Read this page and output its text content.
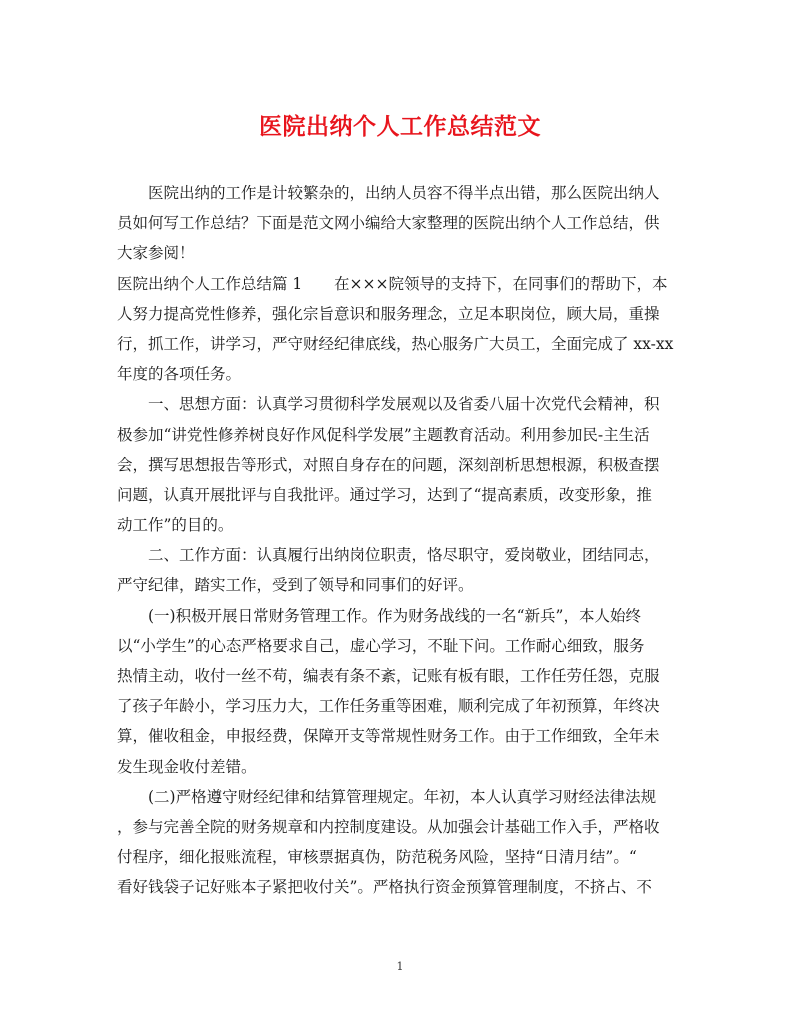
医院出纳个人工作总结范文
医院出纳的工作是计较繁杂的，出纳人员容不得半点出错，那么医院出纳人
员如何写工作总结？下面是范文网小编给大家整理的医院出纳个人工作总结，供
大家参阅！
医院出纳个人工作总结篇 1 在×××院领导的支持下，在同事们的帮助下，本
人努力提高党性修养，强化宗旨意识和服务理念，立足本职岗位，顾大局，重操
行，抓工作，讲学习，严守财经纪律底线，热心服务广大员工，全面完成了 xx-xx
年度的各项任务。
一、思想方面：认真学习贯彻科学发展观以及省委八届十次党代会精神，积
极参加“讲党性修养树良好作风促科学发展”主题教育活动。利用参加民-主生活
会，撰写思想报告等形式，对照自身存在的问题，深刻剖析思想根源，积极查摆
问题，认真开展批评与自我批评。通过学习，达到了“提高素质，改变形象，推
动工作”的目的。
二、工作方面：认真履行出纳岗位职责，恪尽职守，爱岗敬业，团结同志，
严守纪律，踏实工作，受到了领导和同事们的好评。
(一)积极开展日常财务管理工作。作为财务战线的一名“新兵”，本人始终
以“小学生”的心态严格要求自己，虚心学习，不耻下问。工作耐心细致，服务
热情主动，收付一丝不苟，编表有条不紊，记账有板有眼，工作任劳任怨，克服
了孩子年龄小，学习压力大，工作任务重等困难，顺利完成了年初预算，年终决
算，催收租金，申报经费，保障开支等常规性财务工作。由于工作细致，全年未
发生现金收付差错。
(二)严格遵守财经纪律和结算管理规定。年初，本人认真学习财经法律法规
，参与完善全院的财务规章和内控制度建设。从加强会计基础工作入手，严格收
付程序，细化报账流程，审核票据真伪，防范税务风险，坚持“日清月结”。“
看好钱袋子记好账本子紧把收付关”。严格执行资金预算管理制度，不挤占、不
1
